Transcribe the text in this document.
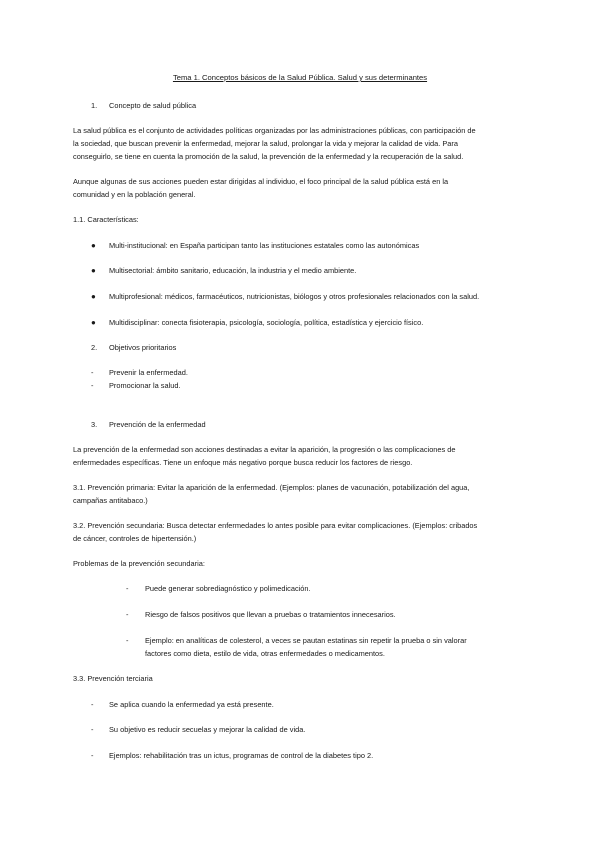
Tema 1. Conceptos básicos de la Salud Pública. Salud y sus determinantes
1.	Concepto de salud pública
La salud pública es el conjunto de actividades políticas organizadas por las administraciones públicas, con participación de
la sociedad, que buscan prevenir la enfermedad, mejorar la salud, prolongar la vida y mejorar la calidad de vida. Para
conseguirlo, se tiene en cuenta la promoción de la salud, la prevención de la enfermedad y la recuperación de la salud.
Aunque algunas de sus acciones pueden estar dirigidas al individuo, el foco principal de la salud pública está en la
comunidad y en la población general.
1.1. Características:
●	Multi-institucional: en España participan tanto las instituciones estatales como las autonómicas
●	Multisectorial: ámbito sanitario, educación, la industria y el medio ambiente.
●	Multiprofesional: médicos, farmacéuticos, nutricionistas, biólogos y otros profesionales relacionados con la salud.
●	Multidisciplinar: conecta fisioterapia, psicología, sociología, política, estadística y ejercicio físico.
2.	Objetivos prioritarios
-	Prevenir la enfermedad.
-	Promocionar la salud.
3.	Prevención de la enfermedad
La prevención de la enfermedad son acciones destinadas a evitar la aparición, la progresión o las complicaciones de
enfermedades específicas. Tiene un enfoque más negativo porque busca reducir los factores de riesgo.
3.1. Prevención primaria: Evitar la aparición de la enfermedad. (Ejemplos: planes de vacunación, potabilización del agua,
campañas antitabaco.)
3.2. Prevención secundaria: Busca detectar enfermedades lo antes posible para evitar complicaciones. (Ejemplos: cribados
de cáncer, controles de hipertensión.)
Problemas de la prevención secundaria:
-	Puede generar sobrediagnóstico y polimedicación.
-	Riesgo de falsos positivos que llevan a pruebas o tratamientos innecesarios.
-	Ejemplo: en analíticas de colesterol, a veces se pautan estatinas sin repetir la prueba o sin valorar
factores como dieta, estilo de vida, otras enfermedades o medicamentos.
3.3. Prevención terciaria
-	Se aplica cuando la enfermedad ya está presente.
-	Su objetivo es reducir secuelas y mejorar la calidad de vida.
-	Ejemplos: rehabilitación tras un ictus, programas de control de la diabetes tipo 2.
